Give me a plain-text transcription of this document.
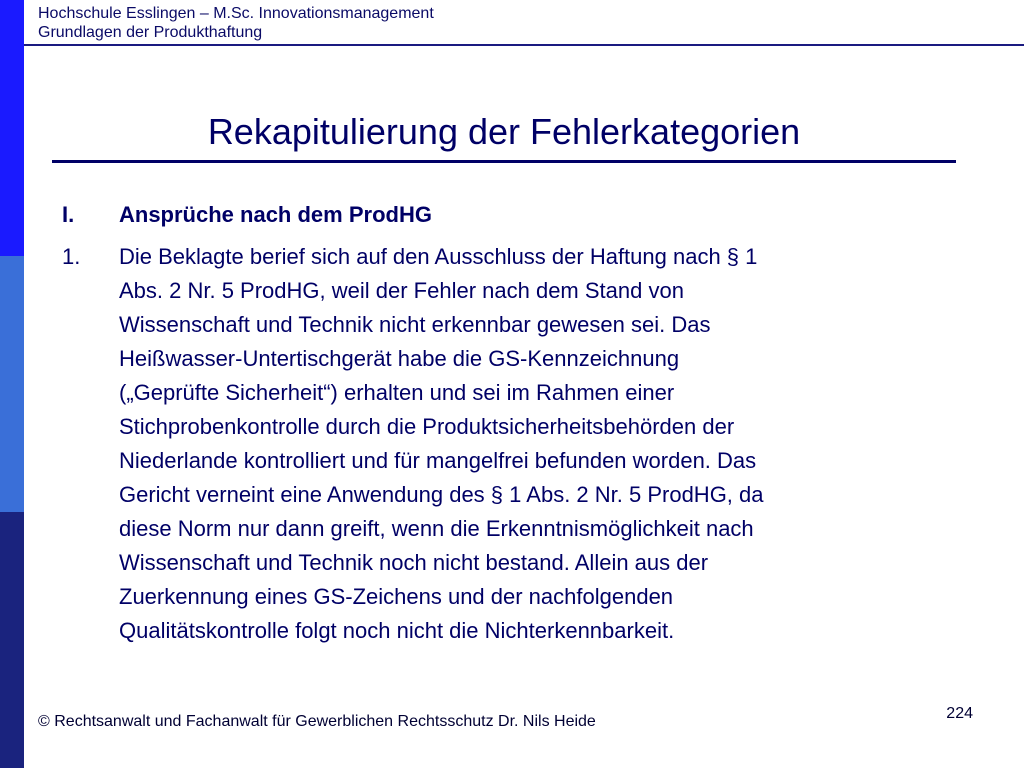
Hochschule Esslingen – M.Sc. Innovationsmanagement
Grundlagen der Produkthaftung
Rekapitulierung der Fehlerkategorien
I. Ansprüche nach dem ProdHG
1. Die Beklagte berief sich auf den Ausschluss der Haftung nach § 1
Abs. 2 Nr. 5 ProdHG, weil der Fehler nach dem Stand von
Wissenschaft und Technik nicht erkennbar gewesen sei. Das
Heißwasser-Untertischgerät habe die GS-Kennzeichnung
(„Geprüfte Sicherheit“) erhalten und sei im Rahmen einer
Stichprobenkontrolle durch die Produktsicherheitsbehörden der
Niederlande kontrolliert und für mangelfrei befunden worden. Das
Gericht verneint eine Anwendung des § 1 Abs. 2 Nr. 5 ProdHG, da
diese Norm nur dann greift, wenn die Erkenntnismöglichkeit nach
Wissenschaft und Technik noch nicht bestand. Allein aus der
Zuerkennung eines GS-Zeichens und der nachfolgenden
Qualitätskontrolle folgt noch nicht die Nichterkennbarkeit.
© Rechtsanwalt und Fachanwalt für Gewerblichen Rechtsschutz Dr. Nils Heide	224
